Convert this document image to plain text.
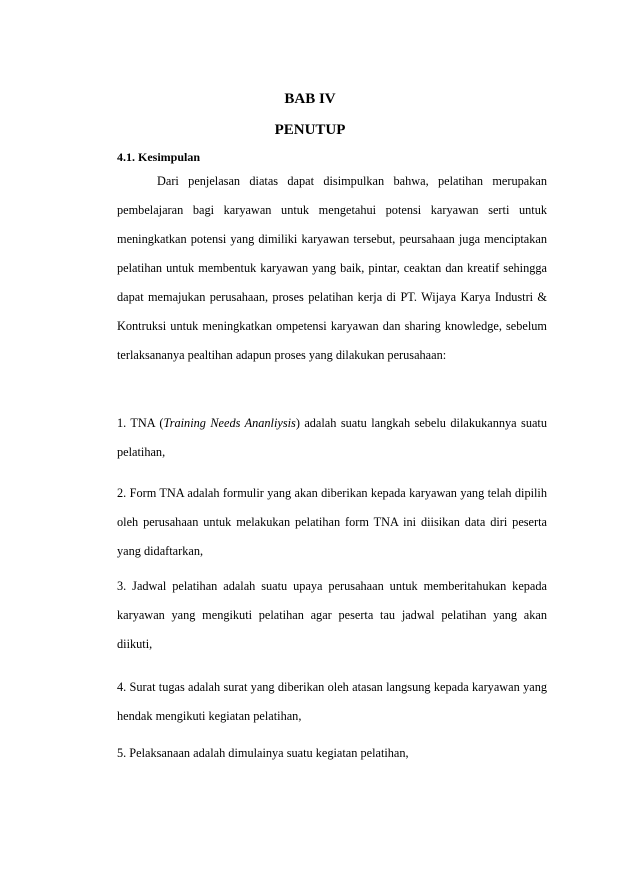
BAB IV
PENUTUP
4.1. Kesimpulan

Dari penjelasan diatas dapat disimpulkan bahwa, pelatihan merupakan pembelajaran bagi karyawan untuk mengetahui potensi karyawan serti untuk meningkatkan potensi yang dimiliki karyawan tersebut, peursahaan juga menciptakan pelatihan untuk membentuk karyawan yang baik, pintar, ceaktan dan kreatif sehingga dapat memajukan perusahaan, proses pelatihan kerja di PT. Wijaya Karya Industri & Kontruksi untuk meningkatkan ompetensi karyawan dan sharing knowledge, sebelum terlaksananya pealtihan adapun proses yang dilakukan perusahaan:

1. TNA (Training Needs Ananliysis) adalah suatu langkah sebelu dilakukannya suatu pelatihan,

2. Form TNA adalah formulir yang akan diberikan kepada karyawan yang telah dipilih oleh perusahaan untuk melakukan pelatihan form TNA ini diisikan data diri peserta yang didaftarkan,

3. Jadwal pelatihan adalah suatu upaya perusahaan untuk memberitahukan kepada karyawan yang mengikuti pelatihan agar peserta tau jadwal pelatihan yang akan diikuti,

4. Surat tugas adalah surat yang diberikan oleh atasan langsung kepada karyawan yang hendak mengikuti kegiatan pelatihan,

5. Pelaksanaan adalah dimulainya suatu kegiatan pelatihan,
